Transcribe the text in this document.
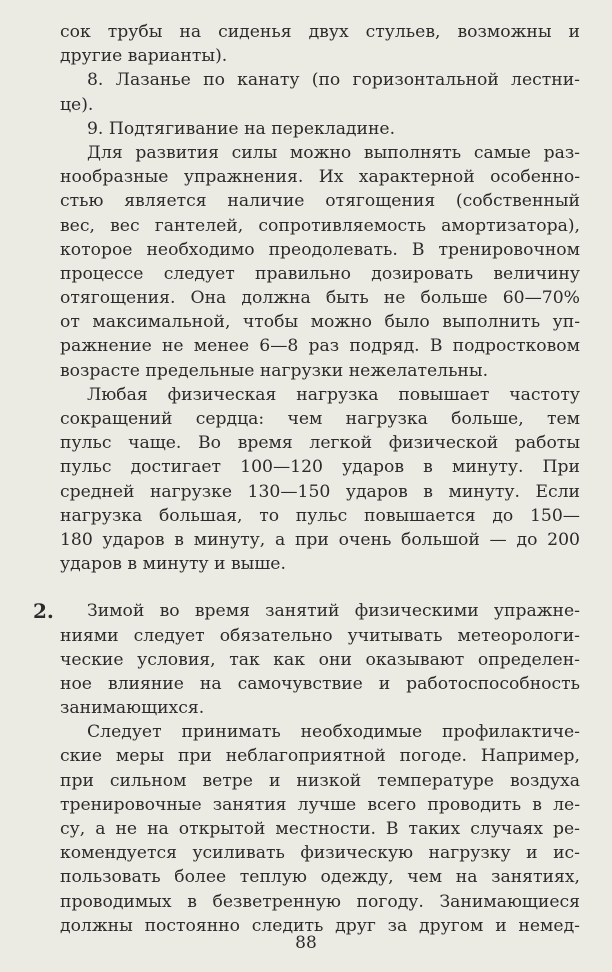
сок трубы на сиденья двух стульев, возможны и
другие варианты).
8. Лазанье по канату (по горизонтальной лестни-
це).
9. Подтягивание на перекладине.
Для развития силы можно выполнять самые раз-
нообразные упражнения. Их характерной особенно-
стью является наличие отягощения (собственный
вес, вес гантелей, сопротивляемость амортизатора),
которое необходимо преодолевать. В тренировочном
процессе следует правильно дозировать величину
отягощения. Она должна быть не больше 60—70%
от максимальной, чтобы можно было выполнить уп-
ражнение не менее 6—8 раз подряд. В подростковом
возрасте предельные нагрузки нежелательны.
Любая физическая нагрузка повышает частоту
сокращений сердца: чем нагрузка больше, тем
пульс чаще. Во время легкой физической работы
пульс достигает 100—120 ударов в минуту. При
средней нагрузке 130—150 ударов в минуту. Если
нагрузка большая, то пульс повышается до 150—
180 ударов в минуту, а при очень большой — до 200
ударов в минуту и выше.
2.	Зимой во время занятий физическими упражне-
ниями следует обязательно учитывать метеорологи-
ческие условия, так как они оказывают определен-
ное влияние на самочувствие и работоспособность
занимающихся.
Следует принимать необходимые профилактиче-
ские меры при неблагоприятной погоде. Например,
при сильном ветре и низкой температуре воздуха
тренировочные занятия лучше всего проводить в ле-
су, а не на открытой местности. В таких случаях ре-
комендуется усиливать физическую нагрузку и ис-
пользовать более теплую одежду, чем на занятиях,
проводимых в безветренную погоду. Занимающиеся
должны постоянно следить друг за другом и немед-
88
